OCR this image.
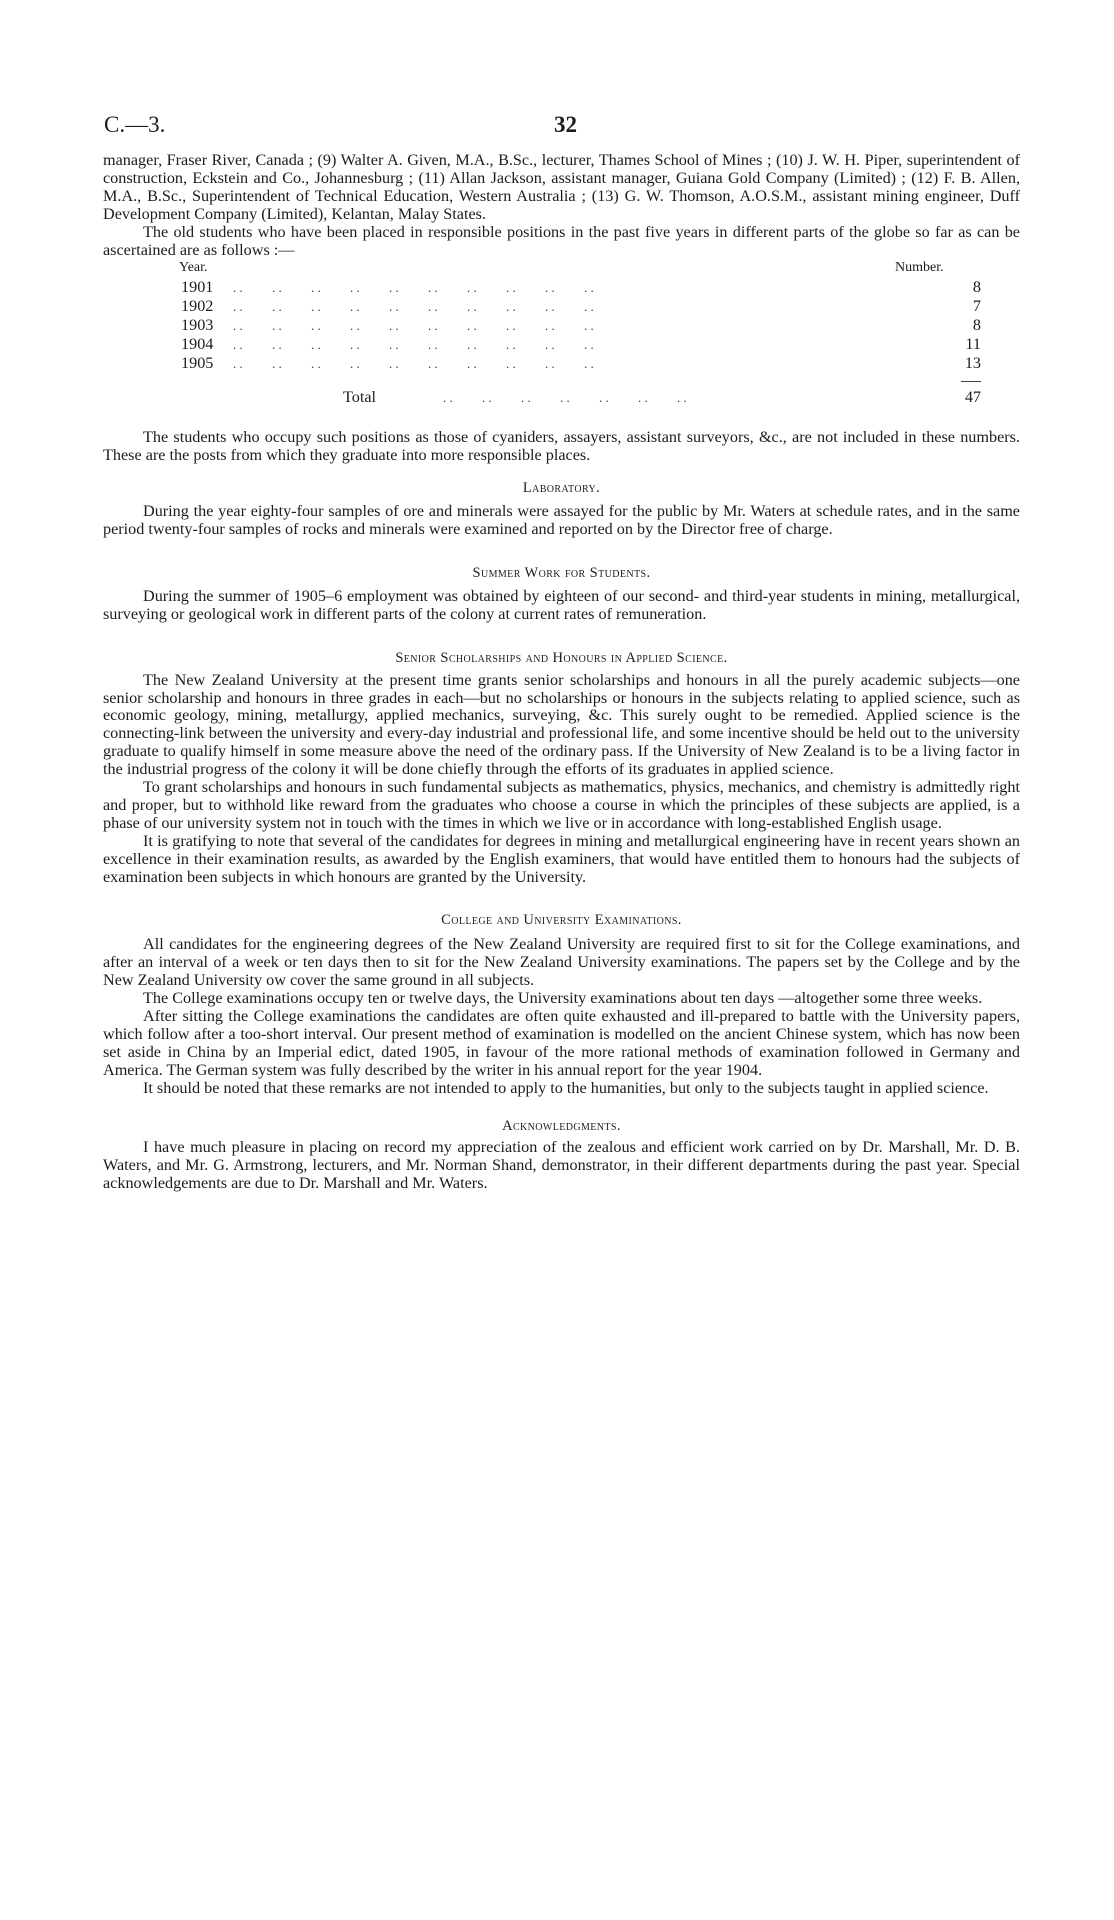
C.—3.	32

manager, Fraser River, Canada ; (9) Walter A. Given, M.A., B.Sc., lecturer, Thames School of Mines ; (10) J. W. H. Piper, superintendent of construction, Eckstein and Co., Johannesburg ; (11) Allan Jackson, assistant manager, Guiana Gold Company (Limited) ; (12) F. B. Allen, M.A., B.Sc., Superintendent of Technical Education, Western Australia ; (13) G. W. Thomson, A.O.S.M., assistant mining engineer, Duff Development Company (Limited), Kelantan, Malay States.

The old students who have been placed in responsible positions in the past five years in different parts of the globe so far as can be ascertained are as follows :—

Year.	Number.
1901 . .         . .         . .         . .         . .         . .         . .         . .         . .         . .	8
1902 . .         . .         . .         . .         . .         . .         . .         . .         . .         . .	7
1903 . .         . .         . .         . .         . .         . .         . .         . .         . .         . .	8
1904 . .         . .         . .         . .         . .         . .         . .         . .         . .         . .	11
1905 . .         . .         . .         . .         . .         . .         . .         . .         . .         . .	13
Total	. .         . .         . .         . .         . .         . .         . .	47

The students who occupy such positions as those of cyaniders, assayers, assistant surveyors, &c., are not included in these numbers. These are the posts from which they graduate into more responsible places.

Laboratory.

During the year eighty-four samples of ore and minerals were assayed for the public by Mr. Waters at schedule rates, and in the same period twenty-four samples of rocks and minerals were examined and reported on by the Director free of charge.

Summer Work for Students.

During the summer of 1905–6 employment was obtained by eighteen of our second- and third-year students in mining, metallurgical, surveying or geological work in different parts of the colony at current rates of remuneration.

Senior Scholarships and Honours in Applied Science.

The New Zealand University at the present time grants senior scholarships and honours in all the purely academic subjects—one senior scholarship and honours in three grades in each—but no scholarships or honours in the subjects relating to applied science, such as economic geology, mining, metallurgy, applied mechanics, surveying, &c. This surely ought to be remedied. Applied science is the connecting-link between the university and every-day industrial and professional life, and some incentive should be held out to the university graduate to qualify himself in some measure above the need of the ordinary pass. If the University of New Zealand is to be a living factor in the industrial progress of the colony it will be done chiefly through the efforts of its graduates in applied science.

To grant scholarships and honours in such fundamental subjects as mathematics, physics, mechanics, and chemistry is admittedly right and proper, but to withhold like reward from the graduates who choose a course in which the principles of these subjects are applied, is a phase of our university system not in touch with the times in which we live or in accordance with long-established English usage.

It is gratifying to note that several of the candidates for degrees in mining and metallurgical engineering have in recent years shown an excellence in their examination results, as awarded by the English examiners, that would have entitled them to honours had the subjects of examination been subjects in which honours are granted by the University.

College and University Examinations.

All candidates for the engineering degrees of the New Zealand University are required first to sit for the College examinations, and after an interval of a week or ten days then to sit for the New Zealand University examinations. The papers set by the College and by the New Zealand University ow cover the same ground in all subjects.

The College examinations occupy ten or twelve days, the University examinations about ten days —altogether some three weeks.

After sitting the College examinations the candidates are often quite exhausted and ill-prepared to battle with the University papers, which follow after a too-short interval. Our present method of examination is modelled on the ancient Chinese system, which has now been set aside in China by an Imperial edict, dated 1905, in favour of the more rational methods of examination followed in Germany and America. The German system was fully described by the writer in his annual report for the year 1904.

It should be noted that these remarks are not intended to apply to the humanities, but only to the subjects taught in applied science.

Acknowledgments.

I have much pleasure in placing on record my appreciation of the zealous and efficient work carried on by Dr. Marshall, Mr. D. B. Waters, and Mr. G. Armstrong, lecturers, and Mr. Norman Shand, demonstrator, in their different departments during the past year. Special acknowledgements are due to Dr. Marshall and Mr. Waters.
